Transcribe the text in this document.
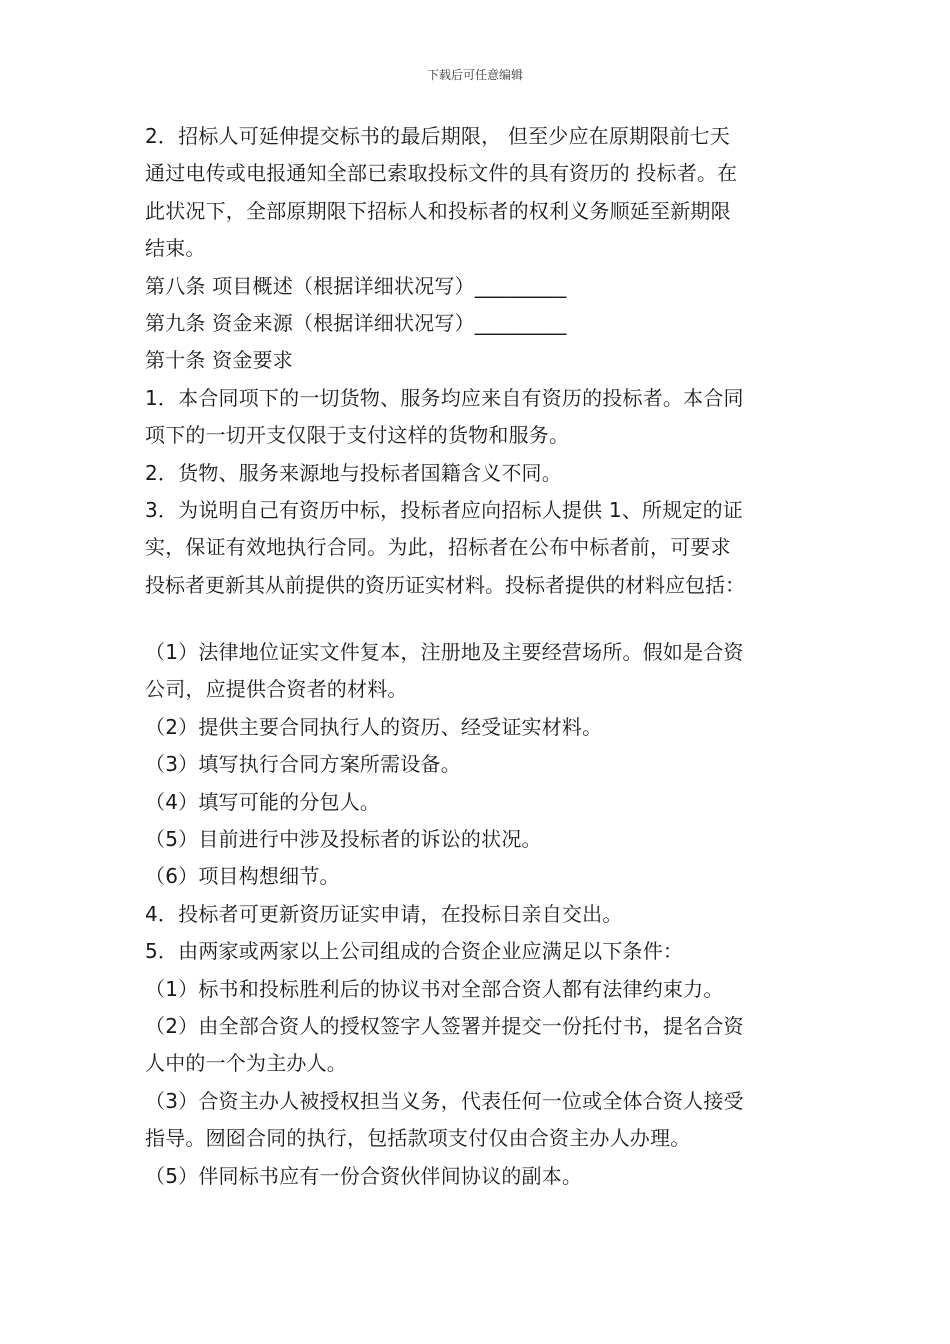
下载后可任意编辑
2．招标人可延伸提交标书的最后期限， 但至少应在原期限前七天
通过电传或电报通知全部已索取投标文件的具有资历的 投标者。在
此状况下，全部原期限下招标人和投标者的权利义务顺延至新期限
结束。
第八条 项目概述（根据详细状况写）_________
第九条 资金来源（根据详细状况写）_________
第十条 资金要求
1．本合同项下的一切货物、服务均应来自有资历的投标者。本合同
项下的一切开支仅限于支付这样的货物和服务。
2．货物、服务来源地与投标者国籍含义不同。
3．为说明自己有资历中标，投标者应向招标人提供 1、所规定的证
实，保证有效地执行合同。为此，招标者在公布中标者前，可要求
投标者更新其从前提供的资历证实材料。投标者提供的材料应包括：
（1）法律地位证实文件复本，注册地及主要经营场所。假如是合资
公司，应提供合资者的材料。
（2）提供主要合同执行人的资历、经受证实材料。
（3）填写执行合同方案所需设备。
（4）填写可能的分包人。
（5）目前进行中涉及投标者的诉讼的状况。
（6）项目构想细节。
4．投标者可更新资历证实申请，在投标日亲自交出。
5．由两家或两家以上公司组成的合资企业应满足以下条件：
（1）标书和投标胜利后的协议书对全部合资人都有法律约束力。
（2）由全部合资人的授权签字人签署并提交一份托付书，提名合资
人中的一个为主办人。
（3）合资主办人被授权担当义务，代表任何一位或全体合资人接受
指导。囫囵合同的执行，包括款项支付仅由合资主办人办理。
（5）伴同标书应有一份合资伙伴间协议的副本。
